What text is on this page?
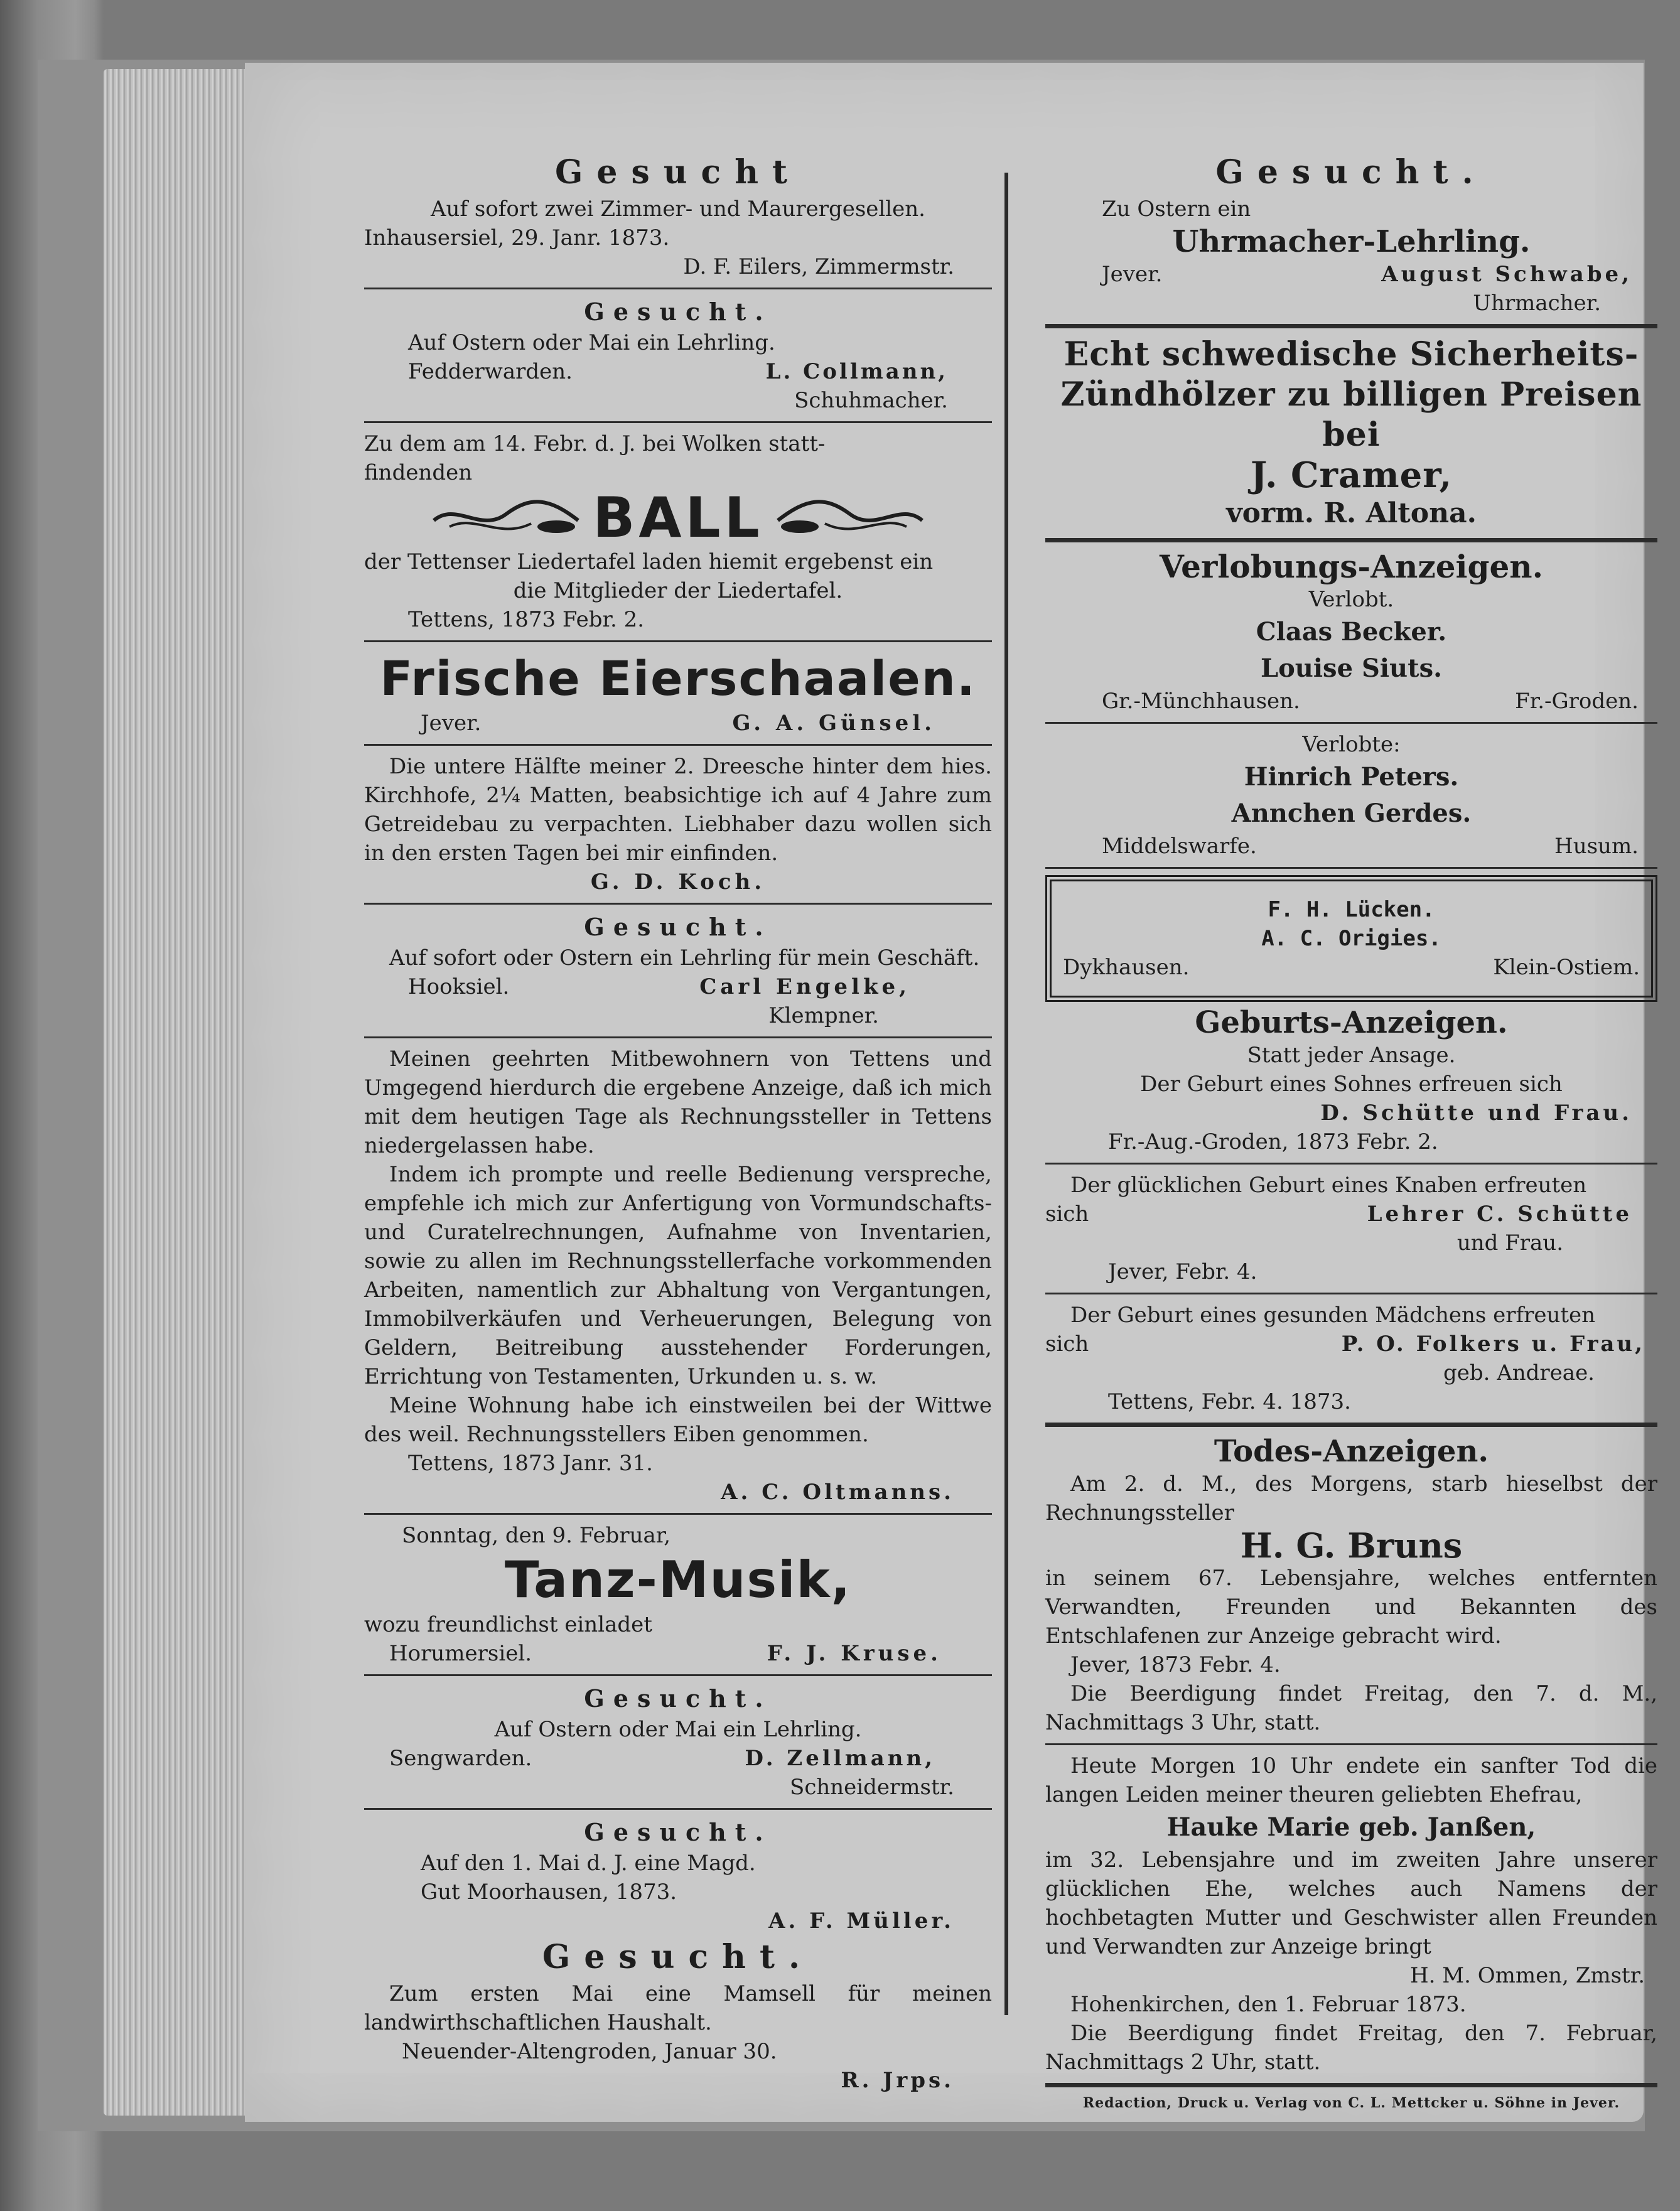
Gesucht

Auf sofort zwei Zimmer- und Maurergesellen.

Inhausersiel, 29. Janr. 1873.

D. F. Eilers, Zimmermstr.

Gesucht.

Auf Ostern oder Mai ein Lehrling.

Fedderwarden.	L. Collmann,

Schuhmacher.

Zu dem am 14. Febr. d. J. bei Wolken statt-

findenden

BALL

der Tettenser Liedertafel laden hiemit ergebenst ein

die Mitglieder der Liedertafel.

Tettens, 1873 Febr. 2.

Frische Eierschaalen.
Jever.	G. A. Günsel.

Die untere Hälfte meiner 2. Dreesche hinter dem hies. Kirchhofe, 2¼ Matten, beabsichtige ich auf 4 Jahre zum Getreidebau zu verpachten. Liebhaber dazu wollen sich in den ersten Tagen bei mir einfinden.

G. D. Koch.

Gesucht.

Auf sofort oder Ostern ein Lehrling für mein Geschäft.

Hooksiel.	Carl Engelke,

Klempner.

Meinen geehrten Mitbewohnern von Tettens und Umgegend hierdurch die ergebene Anzeige, daß ich mich mit dem heutigen Tage als Rechnungssteller in Tettens niedergelassen habe.

Indem ich prompte und reelle Bedienung verspreche, empfehle ich mich zur Anfertigung von Vormundschafts- und Curatelrechnungen, Aufnahme von Inventarien, sowie zu allen im Rechnungsstellerfache vorkommenden Arbeiten, namentlich zur Abhaltung von Vergantungen, Immobilverkäufen und Verheuerungen, Belegung von Geldern, Beitreibung ausstehender Forderungen, Errichtung von Testamenten, Urkunden u. s. w.

Meine Wohnung habe ich einstweilen bei der Wittwe des weil. Rechnungsstellers Eiben genommen.

Tettens, 1873 Janr. 31.

A. C. Oltmanns.

Sonntag, den 9. Februar,

Tanz-Musik,

wozu freundlichst einladet

Horumersiel.	F. J. Kruse.
Gesucht.

Auf Ostern oder Mai ein Lehrling.

Sengwarden.	D. Zellmann,

Schneidermstr.

Gesucht.

Auf den 1. Mai d. J. eine Magd.

Gut Moorhausen, 1873.

A. F. Müller.

Gesucht.

Zum ersten Mai eine Mamsell für meinen landwirthschaftlichen Haushalt.

Neuender-Altengroden, Januar 30.

R. Jrps.

Gesucht.

Zu Ostern ein

Uhrmacher-Lehrling.
Jever.	August Schwabe,

Uhrmacher.

Echt schwedische Sicherheits-
Zündhölzer zu billigen Preisen bei
J. Cramer,
vorm. R. Altona.
Verlobungs-Anzeigen.

Verlobt.

Claas Becker.
Louise Siuts.
Gr.-Münchhausen.	Fr.-Groden.

Verlobte:

Hinrich Peters.
Annchen Gerdes.
Middelswarfe.	Husum.

F. H. Lücken.

A. C. Origies.

Dykhausen.	Klein-Ostiem.
Geburts-Anzeigen.

Statt jeder Ansage.

Der Geburt eines Sohnes erfreuen sich

D. Schütte und Frau.

Fr.-Aug.-Groden, 1873 Febr. 2.

Der glücklichen Geburt eines Knaben erfreuten

sich	Lehrer C. Schütte

und Frau.

Jever, Febr. 4.

Der Geburt eines gesunden Mädchens erfreuten

sich	P. O. Folkers u. Frau,

geb. Andreae.

Tettens, Febr. 4. 1873.

Todes-Anzeigen.

Am 2. d. M., des Morgens, starb hieselbst der Rechnungssteller

H. G. Bruns

in seinem 67. Lebensjahre, welches entfernten Verwandten, Freunden und Bekannten des Entschlafenen zur Anzeige gebracht wird.

Jever, 1873 Febr. 4.

Die Beerdigung findet Freitag, den 7. d. M., Nachmittags 3 Uhr, statt.

Heute Morgen 10 Uhr endete ein sanfter Tod die langen Leiden meiner theuren geliebten Ehefrau,

Hauke Marie geb. Janßen,

im 32. Lebensjahre und im zweiten Jahre unserer glücklichen Ehe, welches auch Namens der hochbetagten Mutter und Geschwister allen Freunden und Verwandten zur Anzeige bringt

H. M. Ommen, Zmstr.

Hohenkirchen, den 1. Februar 1873.

Die Beerdigung findet Freitag, den 7. Februar, Nachmittags 2 Uhr, statt.

Redaction, Druck u. Verlag von C. L. Mettcker u. Söhne in Jever.
